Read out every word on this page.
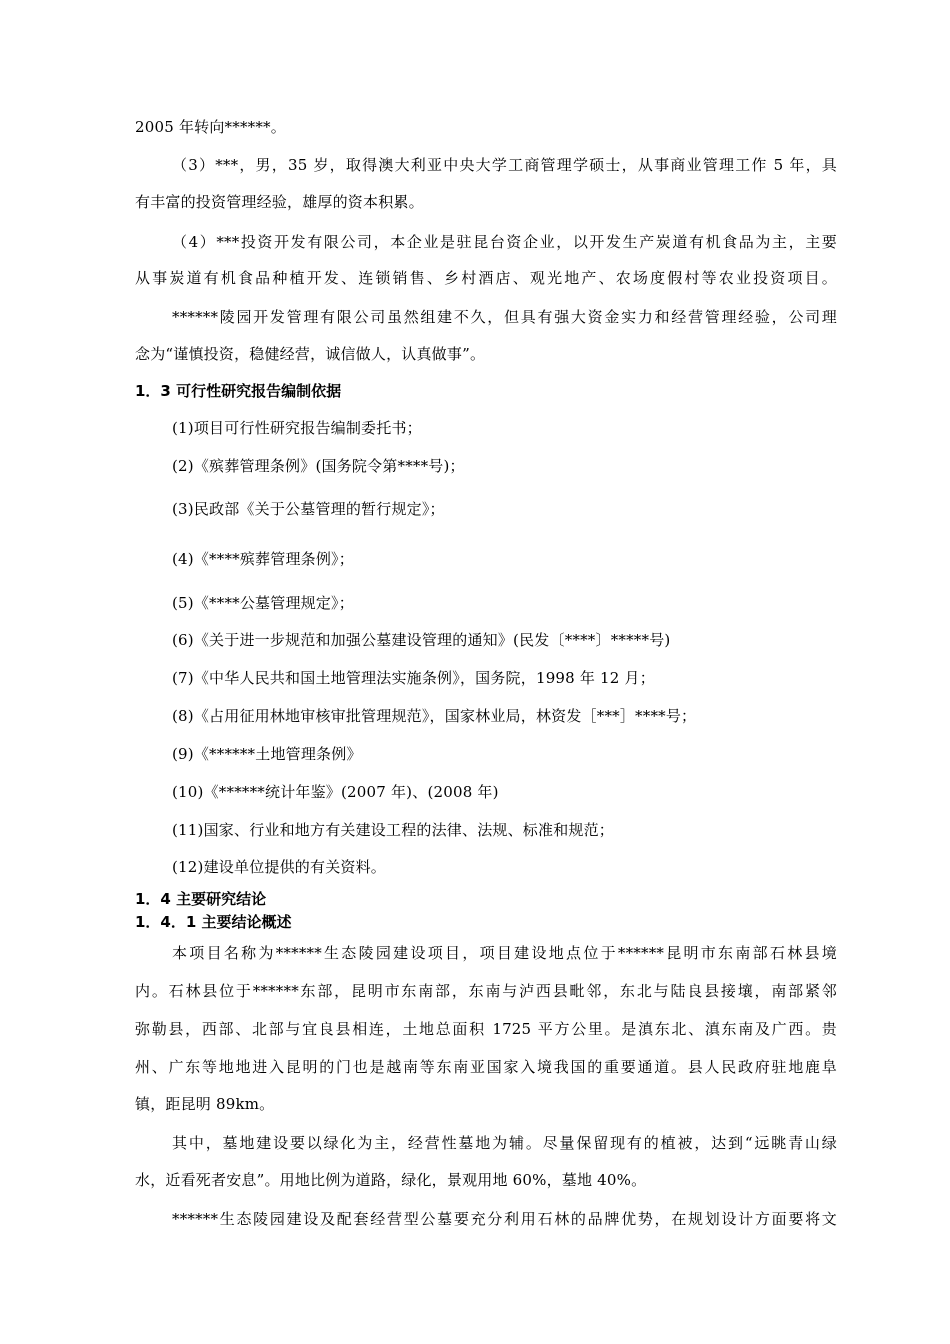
2005 年转向******。
（3）***，男，35 岁，取得澳大利亚中央大学工商管理学硕士，从事商业管理工作 5 年，具
有丰富的投资管理经验，雄厚的资本积累。
（4）***投资开发有限公司，本企业是驻昆台资企业，以开发生产炭道有机食品为主，主要
从事炭道有机食品种植开发、连锁销售、乡村酒店、观光地产、农场度假村等农业投资项目。
******陵园开发管理有限公司虽然组建不久，但具有强大资金实力和经营管理经验，公司理
念为“谨慎投资，稳健经营，诚信做人，认真做事”。
1．3 可行性研究报告编制依据
(1)项目可行性研究报告编制委托书；
(2)《殡葬管理条例》(国务院令第****号)；
(3)民政部《关于公墓管理的暂行规定》；
(4)《****殡葬管理条例》；
(5)《****公墓管理规定》；
(6)《关于进一步规范和加强公墓建设管理的通知》(民发〔****〕*****号)
(7)《中华人民共和国土地管理法实施条例》，国务院，1998 年 12 月；
(8)《占用征用林地审核审批管理规范》，国家林业局，林资发［***］****号；
(9)《******土地管理条例》
(10)《******统计年鉴》(2007 年)、(2008 年)
(11)国家、行业和地方有关建设工程的法律、法规、标准和规范；
(12)建设单位提供的有关资料。
1．4 主要研究结论
1．4．1 主要结论概述
本项目名称为******生态陵园建设项目，项目建设地点位于******昆明市东南部石林县境
内。石林县位于******东部，昆明市东南部，东南与泸西县毗邻，东北与陆良县接壤，南部紧邻
弥勒县，西部、北部与宜良县相连，土地总面积 1725 平方公里。是滇东北、滇东南及广西。贵
州、广东等地地进入昆明的门也是越南等东南亚国家入境我国的重要通道。县人民政府驻地鹿阜
镇，距昆明 89km。
其中，墓地建设要以绿化为主，经营性墓地为辅。尽量保留现有的植被，达到“远眺青山绿
水，近看死者安息”。用地比例为道路，绿化，景观用地 60%，墓地 40%。
******生态陵园建设及配套经营型公墓要充分利用石林的品牌优势，在规划设计方面要将文
